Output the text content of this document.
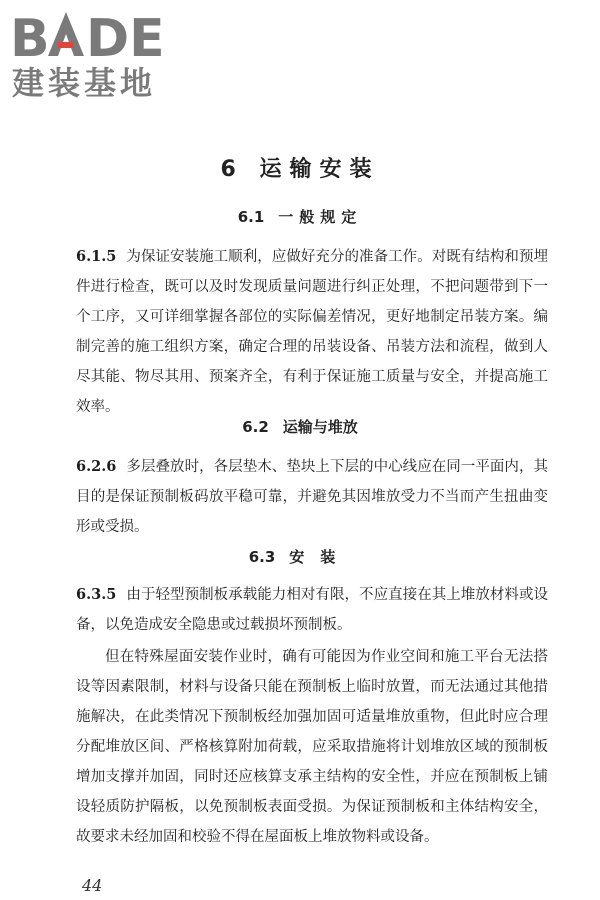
B DE
建装基地
6 运输安装
6.1 一般规定

6.1.5 为保证安装施工顺利，应做好充分的准备工作。对既有结构和预埋件进行检查，既可以及时发现质量问题进行纠正处理，不把问题带到下一个工序，又可详细掌握各部位的实际偏差情况，更好地制定吊装方案。编制完善的施工组织方案，确定合理的吊装设备、吊装方法和流程，做到人尽其能、物尽其用、预案齐全，有利于保证施工质量与安全，并提高施工效率。

6.2 运输与堆放

6.2.6 多层叠放时，各层垫木、垫块上下层的中心线应在同一平面内，其目的是保证预制板码放平稳可靠，并避免其因堆放受力不当而产生扭曲变形或受损。

6.3 安装

6.3.5 由于轻型预制板承载能力相对有限，不应直接在其上堆放材料或设备，以免造成安全隐患或过载损坏预制板。

但在特殊屋面安装作业时，确有可能因为作业空间和施工平台无法搭设等因素限制，材料与设备只能在预制板上临时放置，而无法通过其他措施解决，在此类情况下预制板经加强加固可适量堆放重物，但此时应合理分配堆放区间、严格核算附加荷载，应采取措施将计划堆放区域的预制板增加支撑并加固，同时还应核算支承主结构的安全性，并应在预制板上铺设轻质防护隔板，以免预制板表面受损。为保证预制板和主体结构安全，故要求未经加固和校验不得在屋面板上堆放物料或设备。

44
